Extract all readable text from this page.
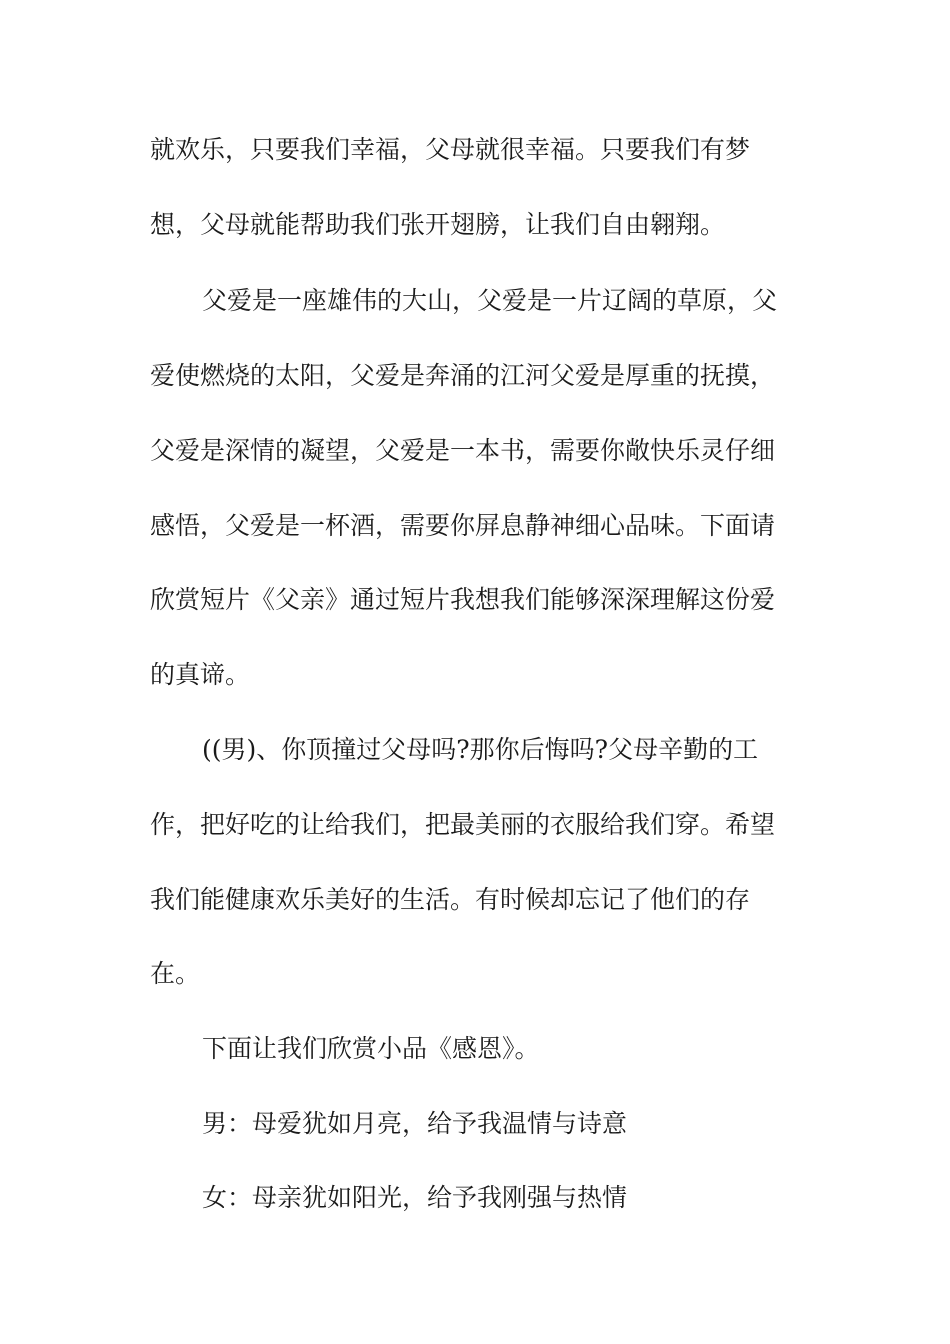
就欢乐，只要我们幸福，父母就很幸福。只要我们有梦
想，父母就能帮助我们张开翅膀，让我们自由翱翔。
父爱是一座雄伟的大山，父爱是一片辽阔的草原，父
爱使燃烧的太阳，父爱是奔涌的江河父爱是厚重的抚摸，
父爱是深情的凝望，父爱是一本书，需要你敞快乐灵仔细
感悟，父爱是一杯酒，需要你屏息静神细心品味。下面请
欣赏短片《父亲》通过短片我想我们能够深深理解这份爱
的真谛。
((男)、你顶撞过父母吗?那你后悔吗?父母辛勤的工
作，把好吃的让给我们，把最美丽的衣服给我们穿。希望
我们能健康欢乐美好的生活。有时候却忘记了他们的存
在。
下面让我们欣赏小品《感恩》。
男：母爱犹如月亮，给予我温情与诗意
女：母亲犹如阳光，给予我刚强与热情
